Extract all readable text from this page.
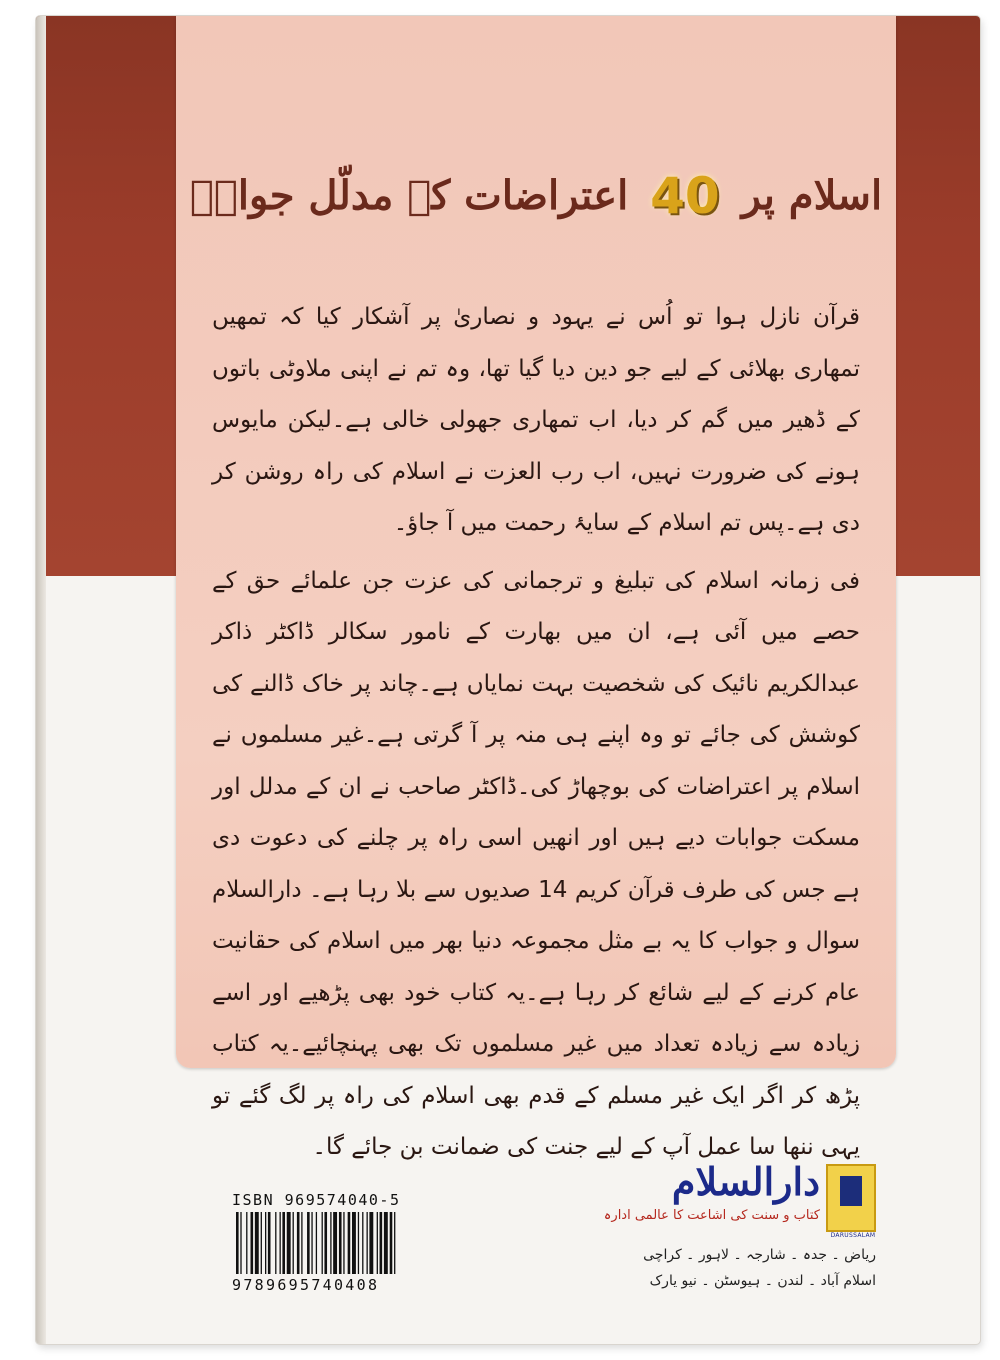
اسلام پر 40 اعتراضات کے مدلّل جوابؒ

قرآن نازل ہوا تو اُس نے یہود و نصاریٰ پر آشکار کیا کہ تمھیں تمھاری بھلائی کے لیے جو دین دیا گیا تھا، وہ تم نے اپنی ملاوٹی باتوں کے ڈھیر میں گم کر دیا، اب تمھاری جھولی خالی ہے۔لیکن مایوس ہونے کی ضرورت نہیں، اب رب العزت نے اسلام کی راہ روشن کر دی ہے۔پس تم اسلام کے سایۂ رحمت میں آ جاؤ۔

فی زمانہ اسلام کی تبلیغ و ترجمانی کی عزت جن علمائے حق کے حصے میں آئی ہے، ان میں بھارت کے نامور سکالر ڈاکٹر ذاکر عبدالکریم نائیک کی شخصیت بہت نمایاں ہے۔چاند پر خاک ڈالنے کی کوشش کی جائے تو وہ اپنے ہی منہ پر آ گرتی ہے۔غیر مسلموں نے اسلام پر اعتراضات کی بوچھاڑ کی۔ڈاکٹر صاحب نے ان کے مدلل اور مسکت جوابات دیے ہیں اور انھیں اسی راہ پر چلنے کی دعوت دی ہے جس کی طرف قرآن کریم 14 صدیوں سے بلا رہا ہے۔ دارالسلام سوال و جواب کا یہ بے مثل مجموعہ دنیا بھر میں اسلام کی حقانیت عام کرنے کے لیے شائع کر رہا ہے۔یہ کتاب خود بھی پڑھیے اور اسے زیادہ سے زیادہ تعداد میں غیر مسلموں تک بھی پہنچائیے۔یہ کتاب پڑھ کر اگر ایک غیر مسلم کے قدم بھی اسلام کی راہ پر لگ گئے تو یہی ننھا سا عمل آپ کے لیے جنت کی ضمانت بن جائے گا۔

ISBN 969574040-5
9789695740408
DARUSSALAM
دارالسلام
کتاب و سنت کی اشاعت کا عالمی ادارہ
ریاض ۔ جدہ ۔ شارجہ ۔ لاہور ۔ کراچی
اسلام آباد ۔ لندن ۔ ہیوسٹن ۔ نیو یارک
